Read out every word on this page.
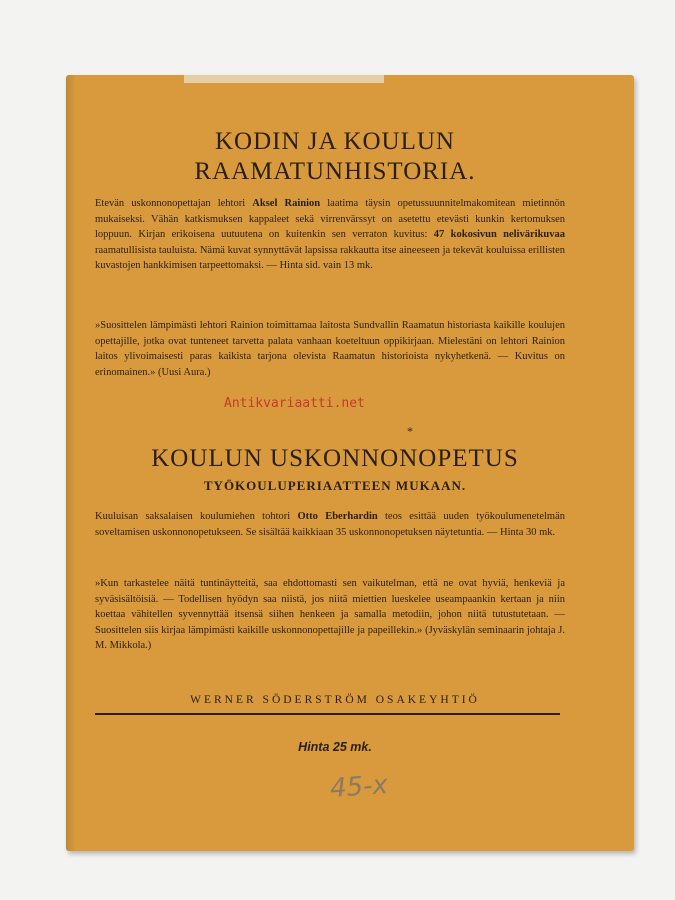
KODIN JA KOULUN
RAAMATUNHISTORIA.

Etevän uskonnonopettajan lehtori Aksel Rainion laatima täysin opetussuunnitelmakomitean mietinnön mukaiseksi. Vähän katkismuksen kappaleet sekä virrenvärssyt on asetettu etevästi kunkin kertomuksen loppuun. Kirjan erikoisena uutuutena on kuitenkin sen verraton kuvitus: 47 kokosivun nelivärikuvaa raamatullisista tauluista. Nämä kuvat synnyttävät lapsissa rakkautta itse aineeseen ja tekevät kouluissa erillisten kuvastojen hankkimisen tarpeettomaksi. — Hinta sid. vain 13 mk.

»Suosittelen lämpimästi lehtori Rainion toimittamaa laitosta Sundvallin Raamatun historiasta kaikille koulujen opettajille, jotka ovat tunteneet tarvetta palata vanhaan koeteltuun oppikirjaan. Mielestäni on lehtori Rainion laitos ylivoimaisesti paras kaikista tarjona olevista Raamatun historioista nykyhetkenä. — Kuvitus on erinomainen.» (Uusi Aura.)

*
KOULUN USKONNONOPETUS
TYÖKOULUPERIAATTEEN MUKAAN.

Kuuluisan saksalaisen koulumiehen tohtori Otto Eberhardin teos esittää uuden työkoulumenetelmän soveltamisen uskonnonopetukseen. Se sisältää kaikkiaan 35 uskonnonopetuksen näytetuntia. — Hinta 30 mk.

»Kun tarkastelee näitä tuntinäytteitä, saa ehdottomasti sen vaikutelman, että ne ovat hyviä, henkeviä ja syväsisältöisiä. — Todellisen hyödyn saa niistä, jos niitä miettien lueskelee useampaankin kertaan ja niin koettaa vähitellen syvennyttää itsensä siihen henkeen ja samalla metodiin, johon niitä tutustutetaan. — Suosittelen siis kirjaa lämpimästi kaikille uskonnonopettajille ja papeillekin.» (Jyväskylän seminaarin johtaja J. M. Mikkola.)

WERNER SÖDERSTRÖM OSAKEYHTIÖ

Hinta 25 mk.

Antikvariaatti.net
45-x
